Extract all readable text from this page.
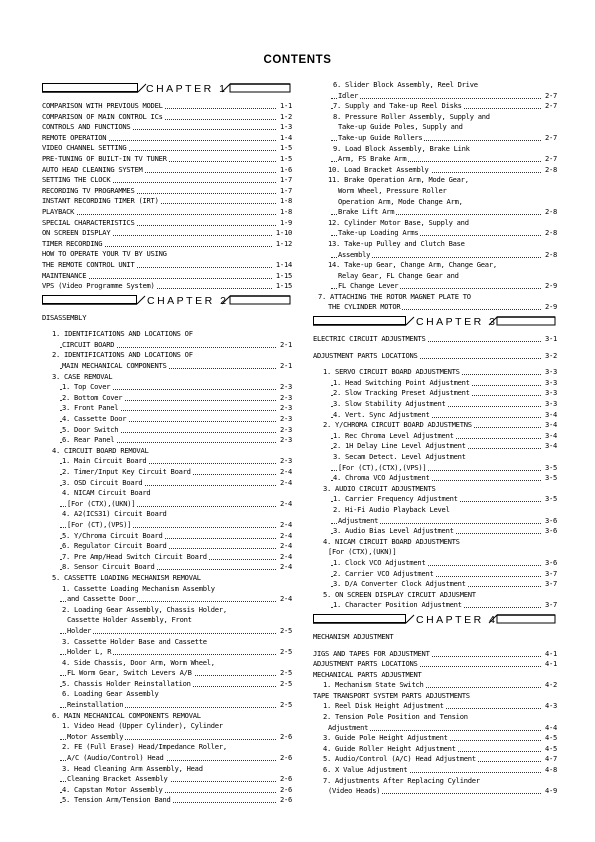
CONTENTS
CHAPTER 1
COMPARISON WITH PREVIOUS MODEL	1-1
COMPARISON OF MAIN CONTROL ICs	1-2
CONTROLS AND FUNCTIONS	1-3
REMOTE OPERATION	1-4
VIDEO CHANNEL SETTING	1-5
PRE-TUNING OF BUILT-IN TV TUNER	1-5
AUTO HEAD CLEANING SYSTEM	1-6
SETTING THE CLOCK	1-7
RECORDING TV PROGRAMMES	1-7
INSTANT RECORDING TIMER (IRT)	1-8
PLAYBACK	1-8
SPECIAL CHARACTERISTICS	1-9
ON SCREEN DISPLAY	1-10
TIMER RECORDING	1-12
HOW TO OPERATE YOUR TV BY USING
THE REMOTE CONTROL UNIT	1-14
MAINTENANCE	1-15
VPS (Video Programme System)	1-15
CHAPTER 2
DISASSEMBLY
1. IDENTIFICATIONS AND LOCATIONS OF
CIRCUIT BOARD	2-1
2. IDENTIFICATIONS AND LOCATIONS OF
MAIN MECHANICAL COMPONENTS	2-1
3. CASE REMOVAL
1. Top Cover	2-3
2. Bottom Cover	2-3
3. Front Panel	2-3
4. Cassette Door	2-3
5. Door Switch	2-3
6. Rear Panel	2-3
4. CIRCUIT BOARD REMOVAL
1. Main Circuit Board	2-3
2. Timer/Input Key Circuit Board	2-4
3. OSD Circuit Board	2-4
4. NICAM Circuit Board
[For (CTX),(UKN)]	2-4
4. A2(ICS31) Circuit Board
[For (CT),(VPS)]	2-4
5. Y/Chroma Circuit Board	2-4
6. Regulator Circuit Board	2-4
7. Pre Amp/Head Switch Circuit Board	2-4
8. Sensor Circuit Board	2-4
5. CASSETTE LOADING MECHANISM REMOVAL
1. Cassette Loading Mechanism Assembly
and Cassette Door	2-4
2. Loading Gear Assembly, Chassis Holder,
Cassette Holder Assembly, Front
Holder	2-5
3. Cassette Holder Base and Cassette
Holder L, R	2-5
4. Side Chassis, Door Arm, Worm Wheel,
FL Worm Gear, Switch Levers A/B	2-5
5. Chassis Holder Reinstallation	2-5
6. Loading Gear Assembly
Reinstallation	2-5
6. MAIN MECHANICAL COMPONENTS REMOVAL
1. Video Head (Upper Cylinder), Cylinder
Motor Assembly	2-6
2. FE (Full Erase) Head/Impedance Roller,
A/C (Audio/Control) Head	2-6
3. Head Cleaning Arm Assembly, Head
Cleaning Bracket Assembly	2-6
4. Capstan Motor Assembly	2-6
5. Tension Arm/Tension Band	2-6
6. Slider Block Assembly, Reel Drive
Idler	2-7
7. Supply and Take-up Reel Disks	2-7
8. Pressure Roller Assembly, Supply and
Take-up Guide Poles, Supply and
Take-up Guide Rollers	2-7
9. Load Block Assembly, Brake Link
Arm, FS Brake Arm	2-7
10. Load Bracket Assembly	2-8
11. Brake Operation Arm, Mode Gear,
Worm Wheel, Pressure Roller
Operation Arm, Mode Change Arm,
Brake Lift Arm	2-8
12. Cylinder Motor Base, Supply and
Take-up Loading Arms	2-8
13. Take-up Pulley and Clutch Base
Assembly	2-8
14. Take-up Gear, Change Arm, Change Gear,
Relay Gear, FL Change Gear and
FL Change Lever	2-9
7. ATTACHING THE ROTOR MAGNET PLATE TO
THE CYLINDER MOTOR	2-9
CHAPTER 3
ELECTRIC CIRCUIT ADJUSTMENTS	3-1
ADJUSTMENT PARTS LOCATIONS	3-2
1. SERVO CIRCUIT BOARD ADJUSTMENTS	3-3
1. Head Switching Point Adjustment	3-3
2. Slow Tracking Preset Adjustment	3-3
3. Slow Stability Adjustment	3-3
4. Vert. Sync Adjustment	3-4
2. Y/CHROMA CIRCUIT BOARD ADJUSTMETNS	3-4
1. Rec Chroma Level Adjustment	3-4
2. 1H Delay Line Level Adjustment	3-4
3. Secam Detect. Level Adjustment
[For (CT),(CTX),(VPS)]	3-5
4. Chroma VCO Adjustment	3-5
3. AUDIO CIRCUIT ADJUSTMENTS
1. Carrier Frequency Adjustment	3-5
2. Hi-Fi Audio Playback Level
Adjustment	3-6
3. Audio Bias Level Adjustment	3-6
4. NICAM CIRCUIT BOARD ADJUSTMENTS
[For (CTX),(UKN)]
1. Clock VCO Adjustment	3-6
2. Carrier VCO Adjustment	3-7
3. D/A Converter Clock Adjustment	3-7
5. ON SCREEN DISPLAY CIRCUIT ADJUSMENT
1. Character Position Adjustment	3-7
CHAPTER 4
MECHANISM ADJUSTMENT
JIGS AND TAPES FOR ADJUSTMENT	4-1
ADJUSTMENT PARTS LOCATIONS	4-1
MECHANICAL PARTS ADJUSTMENT
1. Mechanism State Switch	4-2
TAPE TRANSPORT SYSTEM PARTS ADJUSTMENTS
1. Reel Disk Height Adjustment	4-3
2. Tension Pole Position and Tension
Adjustment	4-4
3. Guide Pole Height Adjustment	4-5
4. Guide Roller Height Adjustment	4-5
5. Audio/Control (A/C) Head Adjustment	4-7
6. X Value Adjustment	4-8
7. Adjustments After Replacing Cylinder
(Video Heads)	4-9
